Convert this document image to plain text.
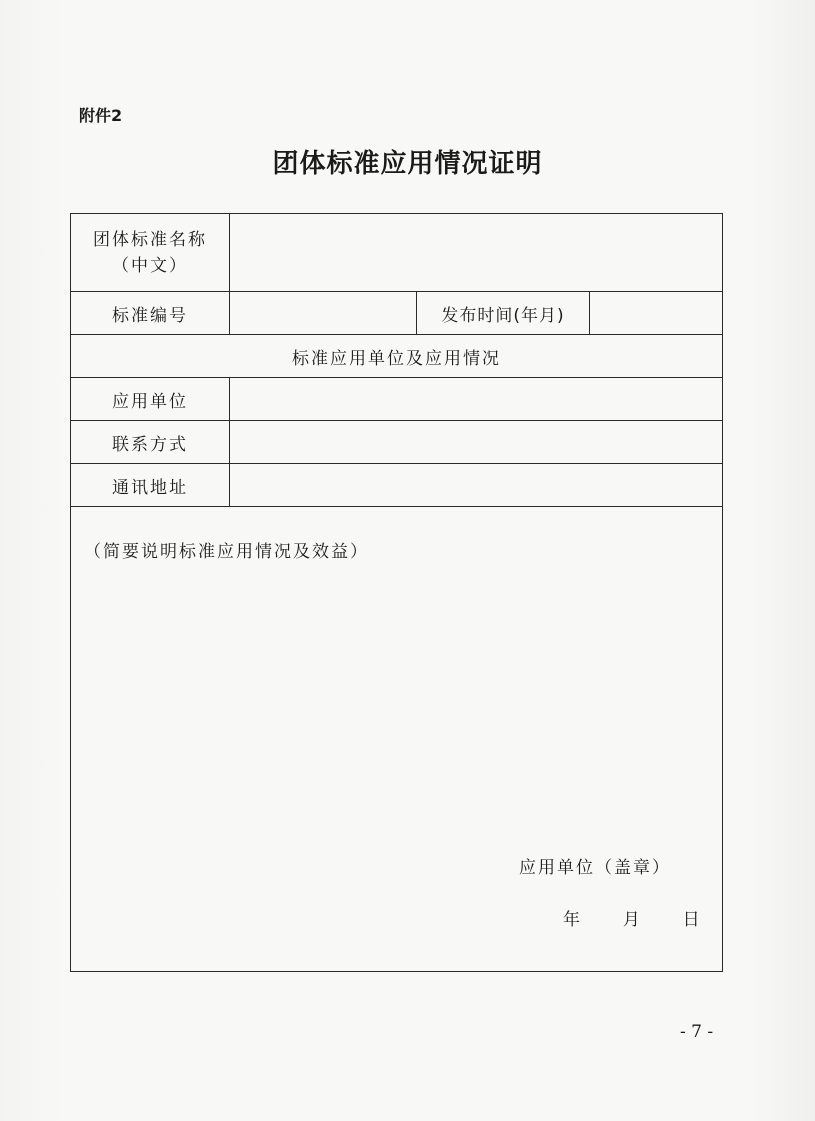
附件2
团体标准应用情况证明
团体标准名称
（中文）			

标准编号		发布时间(年月)	
标准应用单位及应用情况			
应用单位			
联系方式			
通讯地址			

（简要说明标准应用情况及效益）
应用单位（盖章）
年 月 日			
- 7 -
